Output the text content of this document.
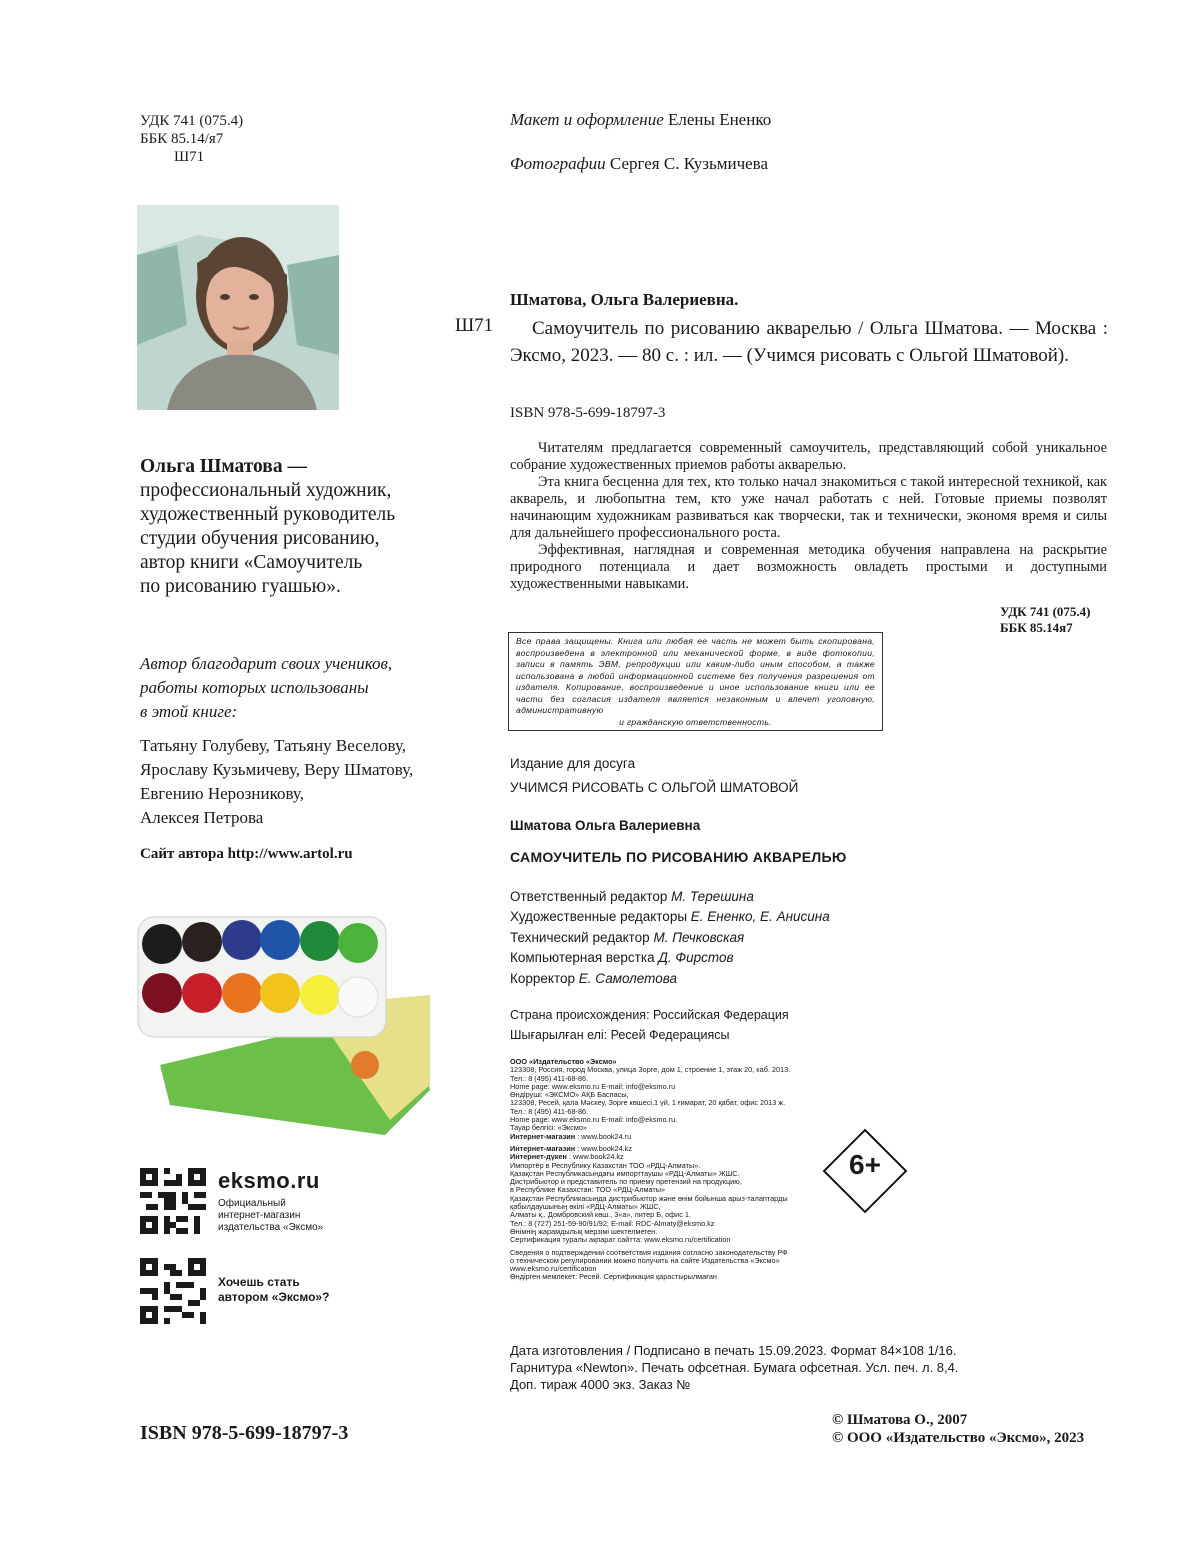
УДК 741 (075.4)
ББК 85.14/я7
Ш71
Ольга Шматова —
профессиональный художник,
художественный руководитель
студии обучения рисованию,
автор книги «Самоучитель
по рисованию гуашью».
Автор благодарит своих учеников,
работы которых использованы
в этой книге:
Татьяну Голубеву, Татьяну Веселову,
Ярославу Кузьмичеву, Веру Шматову,
Евгению Нерозникову,
Алексея Петрова
Сайт автора http://www.artol.ru
eksmo.ru
Официальный
интернет-магазин
издательства «Эксмо»
Хочешь стать
автором «Эксмо»?
ISBN 978-5-699-18797-3

Макет и оформление Елены Ененко

Фотографии Сергея С. Кузьмичева

Шматова, Ольга Валериевна.
Ш71	Самоучитель по рисованию акварелью / Ольга Шматова. — Москва : Эксмо, 2023. — 80 с. : ил. — (Учимся рисовать с Ольгой Шматовой).
ISBN 978-5-699-18797-3

Читателям предлагается современный самоучитель, представляющий собой уникальное собрание художественных приемов работы акварелью.

Эта книга бесценна для тех, кто только начал знакомиться с такой интересной техникой, как акварель, и любопытна тем, кто уже начал работать с ней. Готовые приемы позволят начинающим художникам развиваться как творчески, так и технически, экономя время и силы для дальнейшего профессионального роста.

Эффективная, наглядная и современная методика обучения направлена на раскрытие природного потенциала и дает возможность овладеть простыми и доступными художественными навыками.

УДК 741 (075.4)
ББК 85.14я7
Все права защищены. Книга или любая ее часть не может быть скопирована, воспроизведена в электронной или механической форме, в виде фотокопии, записи в память ЭВМ, репродукции или каким-либо иным способом, а также использована в любой информационной системе без получения разрешения от издателя. Копирование, воспроизведение и иное использование книги или ее части без согласия издателя является незаконным и влечет уголовную, административную
и гражданскую ответственность.
Издание для досуга
УЧИМСЯ РИСОВАТЬ С ОЛЬГОЙ ШМАТОВОЙ
Шматова Ольга Валериевна
САМОУЧИТЕЛЬ ПО РИСОВАНИЮ АКВАРЕЛЬЮ
Ответственный редактор М. Терешина
Художественные редакторы Е. Ененко, Е. Анисина
Технический редактор М. Печковская
Компьютерная верстка Д. Фирстов
Корректор Е. Самолетова
Страна происхождения: Российская Федерация
Шығарылған елі: Ресей Федерациясы
ООО «Издательство «Эксмо»
123308, Россия, город Москва, улица Зорге, дом 1, строение 1, этаж 20, каб. 2013.
Тел.: 8 (495) 411-68-86.
Home page: www.eksmo.ru E-mail: info@eksmo.ru
Өндіруші: «ЭКСМО» АҚБ Баспасы,
123308, Ресей, қала Мәскеу, Зорге көшесі,1 үй, 1 ғимарат, 20 қабат, офис 2013 ж.
Тел.: 8 (495) 411-68-86.
Home page: www.eksmo.ru E-mail: info@eksmo.ru.
Тауар белгісі: «Эксмо»
Интернет-магазин : www.book24.ru
Интернет-магазин : www.book24.kz
Интернет-дүкен : www.book24.kz
Импортёр в Республику Казахстан ТОО «РДЦ-Алматы».
Қазақстан Республикасындағы импорттаушы «РДЦ-Алматы» ЖШС.
Дистрибьютор и представитель по приему претензий на продукцию,
в Республике Казахстан: ТОО «РДЦ-Алматы»
Қазақстан Республикасында дистрибьютор және өнім бойынша арыз-талаптарды
қабылдаушының өкілі «РДЦ-Алматы» ЖШС,
Алматы қ., Домбровский көш., 3«а», литер Б, офис 1.
Тел.: 8 (727) 251-59-90/91/92; E-mail: RDC-Almaty@eksmo.kz
Өнімнің жарамдылық мерзімі шектелмеген.
Сертификация туралы ақпарат сайтта: www.eksmo.ru/certification
Сведения о подтверждении соответствия издания согласно законодательству РФ
о техническом регулировании можно получить на сайте Издательства «Эксмо»
www.eksmo.ru/certification
Өндірген мемлекет: Ресей. Сертификация қарастырылмаған
6+
Дата изготовления / Подписано в печать 15.09.2023. Формат 84×108 1/16.
Гарнитура «Newton». Печать офсетная. Бумага офсетная. Усл. печ. л. 8,4.
Доп. тираж 4000 экз. Заказ №
© Шматова О., 2007
© ООО «Издательство «Эксмо», 2023
